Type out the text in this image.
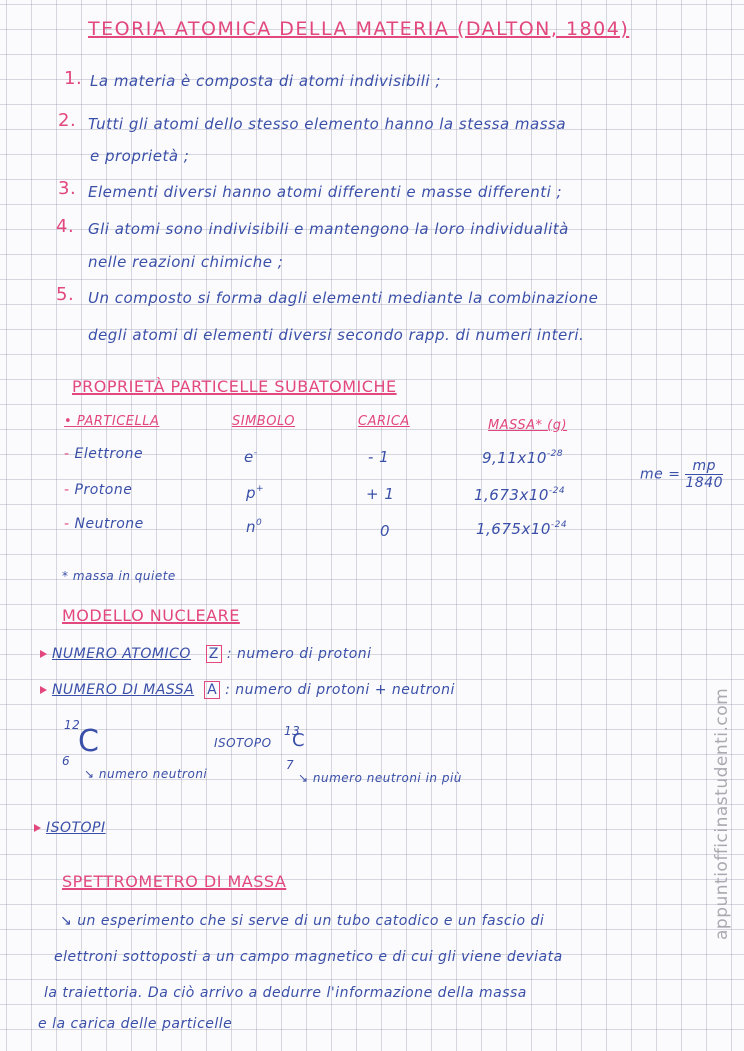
TEORIA ATOMICA DELLA MATERIA (DALTON, 1804)
1. La materia è composta di atomi indivisibili ;
2. Tutti gli atomi dello stesso elemento hanno la stessa massa
e proprietà ;
3. Elementi diversi hanno atomi differenti e masse differenti ;
4. Gli atomi sono indivisibili e mantengono la loro individualità
nelle reazioni chimiche ;
5. Un composto si forma dagli elementi mediante la combinazione
degli atomi di elementi diversi secondo rapp. di numeri interi.
PROPRIETÀ PARTICELLE SUBATOMICHE
• PARTICELLA	SIMBOLO	CARICA	MASSA* (g)
- Elettrone	e-	- 1	$9,11x10^{-28}$
- Protone	p+	+ 1	$1,673x10^{-24}$
- Neutrone	$n^0$	0	$1,675x10^{-24}$
me = $\frac{mp}{1840}$
* massa in quiete
MODELLO NUCLEARE
NUMERO ATOMICO Z : numero di protoni
NUMERO DI MASSA A : numero di protoni + neutroni
12
C
6
↘ numero neutroni
ISOTOPO
13
C
7
↘ numero neutroni in più
ISOTOPI
SPETTROMETRO DI MASSA
↘ un esperimento che si serve di un tubo catodico e un fascio di
elettroni sottoposti a un campo magnetico e di cui gli viene deviata
la traiettoria. Da ciò arrivo a dedurre l'informazione della massa
e la carica delle particelle
appuntiofficinastudenti.com
